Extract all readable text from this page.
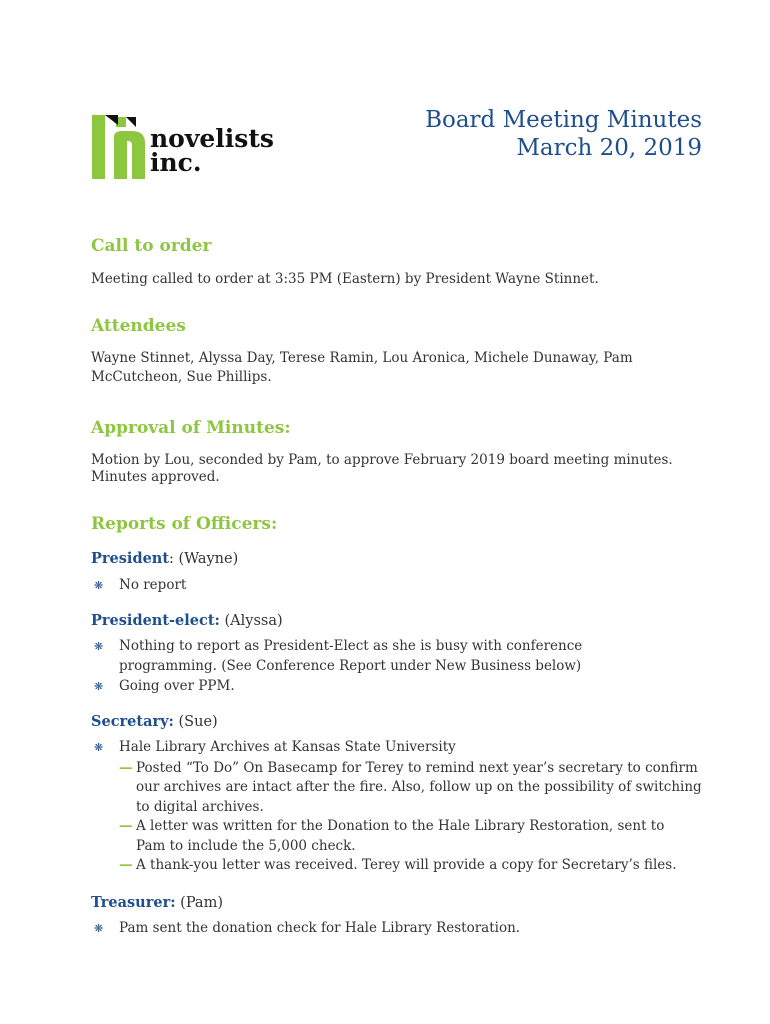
novelists
inc.
Board Meeting Minutes
March 20, 2019
Call to order

Meeting called to order at 3:35 PM (Eastern) by President Wayne Stinnet.

Attendees

Wayne Stinnet, Alyssa Day, Terese Ramin, Lou Aronica, Michele Dunaway, Pam McCutcheon, Sue Phillips.

Approval of Minutes:

Motion by Lou, seconded by Pam, to approve February 2019 board meeting minutes.
Minutes approved.

Reports of Officers:
President: (Wayne)
❋ No report
President-elect: (Alyssa)
❋ Nothing to report as President-Elect as she is busy with conference programming. (See Conference Report under New Business below)
❋ Going over PPM.
Secretary: (Sue)
❋ Hale Library Archives at Kansas State University
— Posted “To Do” On Basecamp for Terey to remind next year’s secretary to confirm our archives are intact after the fire. Also, follow up on the possibility of switching to digital archives.
— A letter was written for the Donation to the Hale Library Restoration, sent to Pam to include the 5,000 check.
— A thank-you letter was received. Terey will provide a copy for Secretary’s files.
Treasurer: (Pam)
❋ Pam sent the donation check for Hale Library Restoration.
